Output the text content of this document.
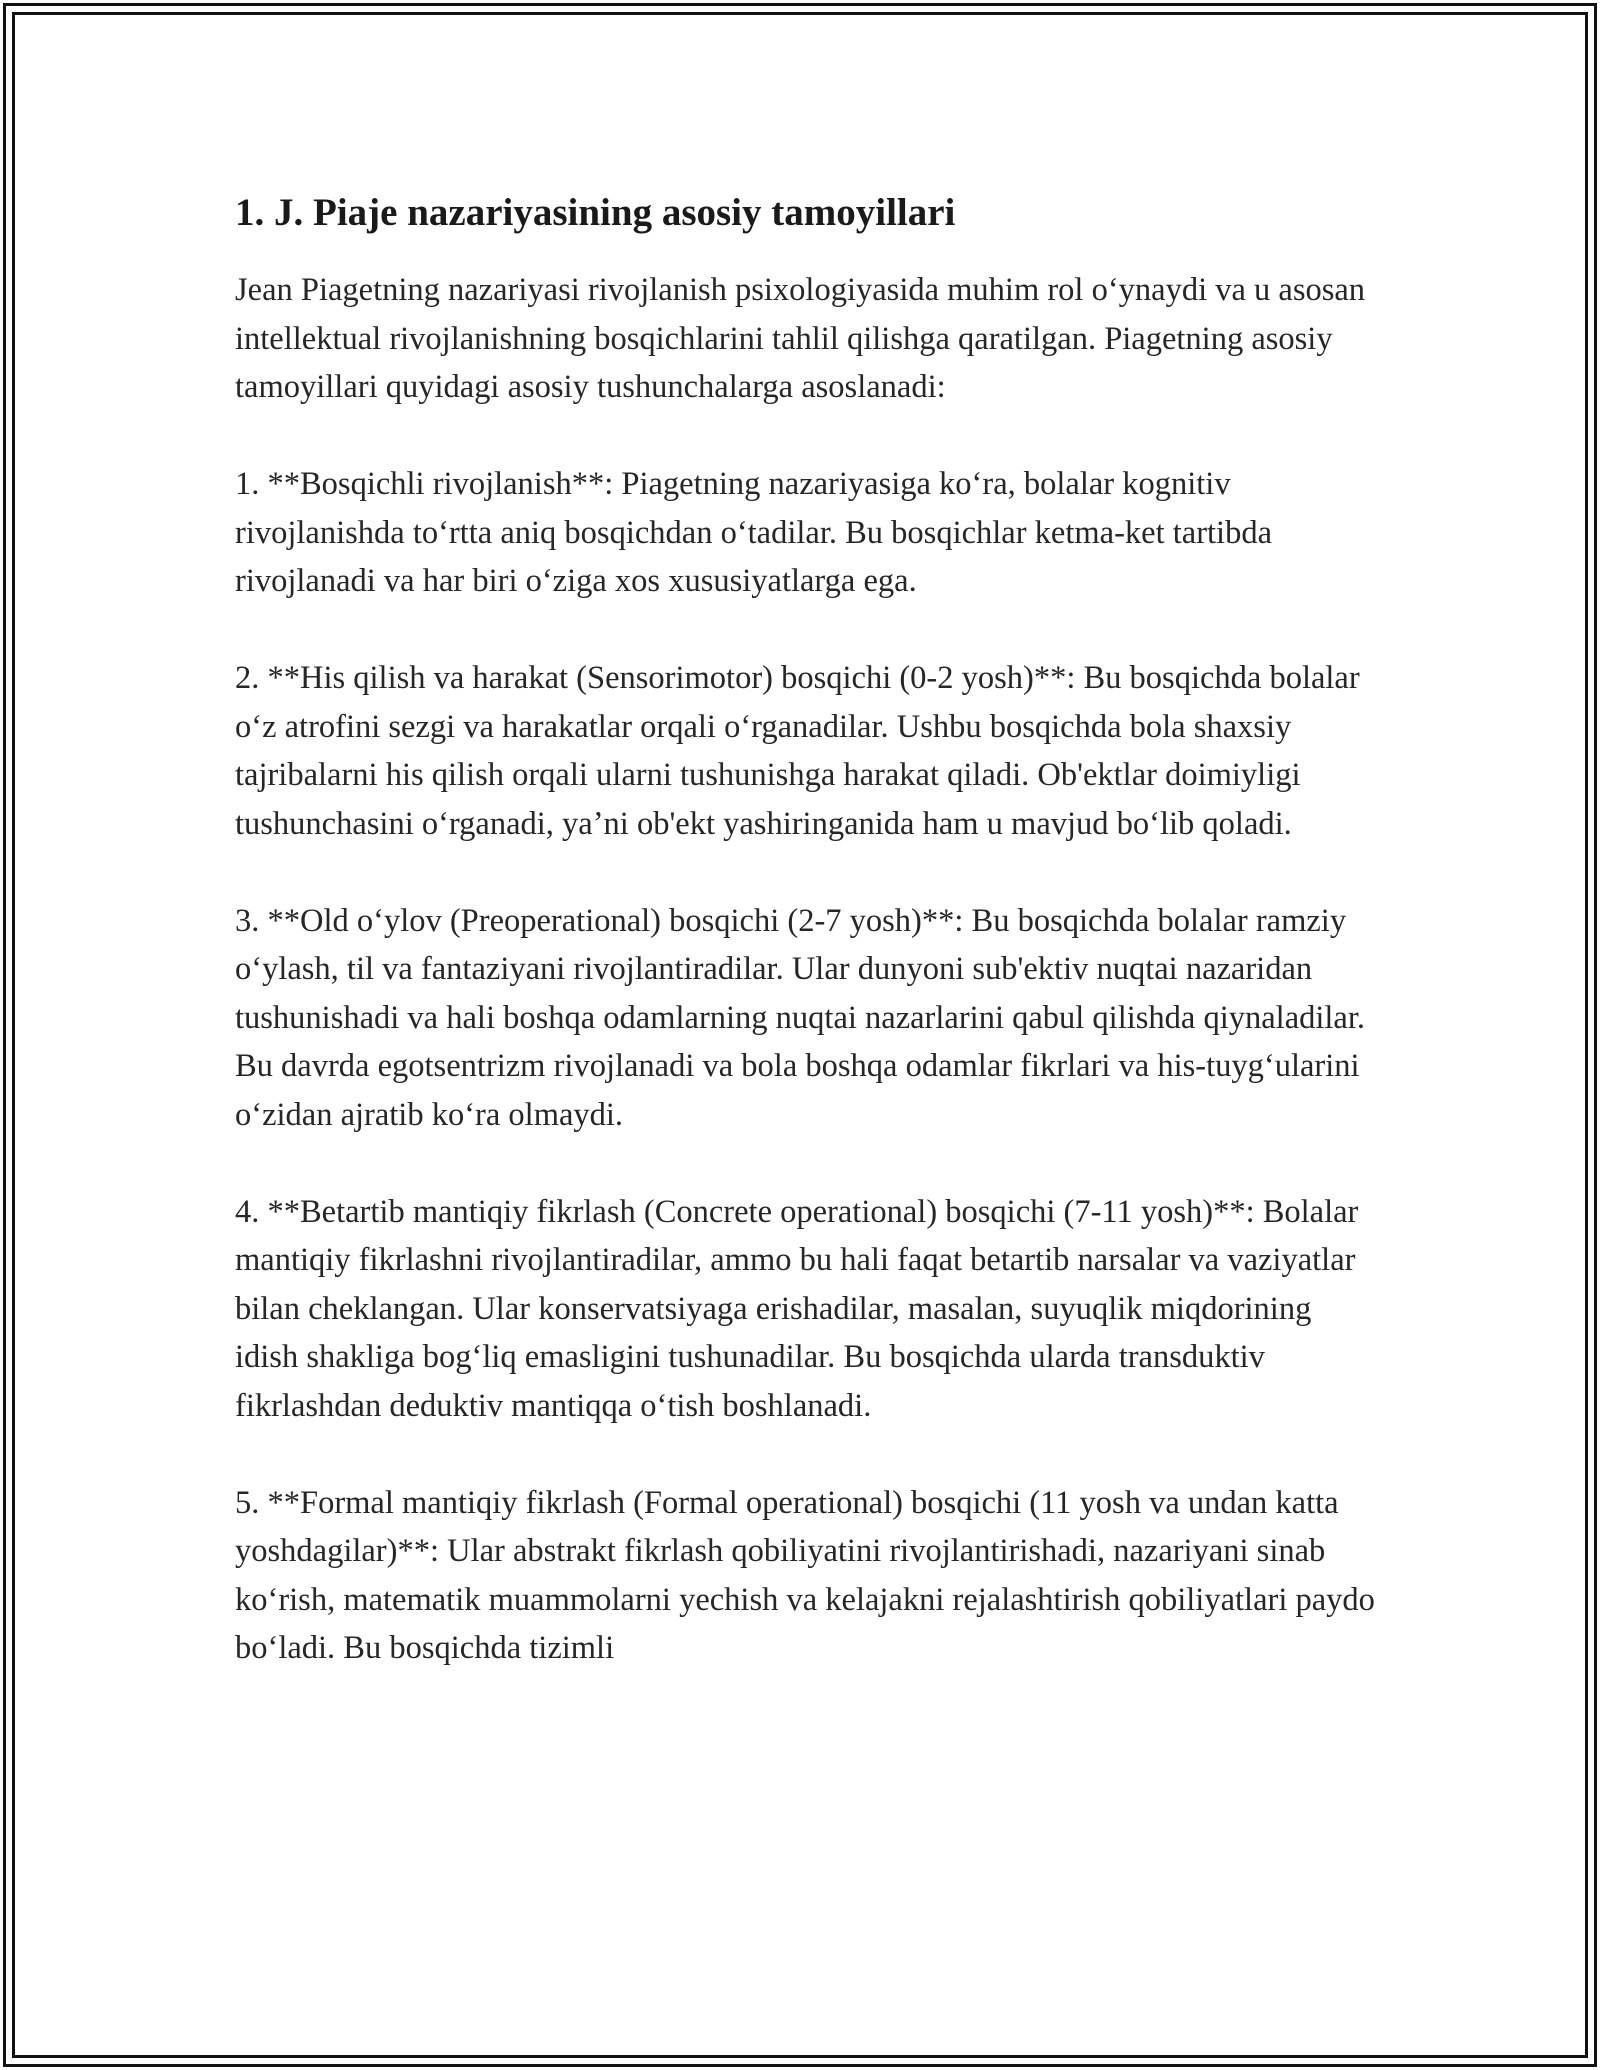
1. J. Piaje nazariyasining asosiy tamoyillari

Jean Piagetning nazariyasi rivojlanish psixologiyasida muhim rol oʻynaydi va u asosan intellektual rivojlanishning bosqichlarini tahlil qilishga qaratilgan. Piagetning asosiy tamoyillari quyidagi asosiy tushunchalarga asoslanadi:

1. **Bosqichli rivojlanish**: Piagetning nazariyasiga koʻra, bolalar kognitiv rivojlanishda toʻrtta aniq bosqichdan oʻtadilar. Bu bosqichlar ketma-ket tartibda rivojlanadi va har biri oʻziga xos xususiyatlarga ega.

2. **His qilish va harakat (Sensorimotor) bosqichi (0-2 yosh)**: Bu bosqichda bolalar oʻz atrofini sezgi va harakatlar orqali oʻrganadilar. Ushbu bosqichda bola shaxsiy tajribalarni his qilish orqali ularni tushunishga harakat qiladi. Ob'ektlar doimiyligi tushunchasini oʻrganadi, yaʼni ob'ekt yashiringanida ham u mavjud boʻlib qoladi.

3. **Old oʻylov (Preoperational) bosqichi (2-7 yosh)**: Bu bosqichda bolalar ramziy oʻylash, til va fantaziyani rivojlantiradilar. Ular dunyoni sub'ektiv nuqtai nazaridan tushunishadi va hali boshqa odamlarning nuqtai nazarlarini qabul qilishda qiynaladilar. Bu davrda egotsentrizm rivojlanadi va bola boshqa odamlar fikrlari va his-tuygʻularini oʻzidan ajratib koʻra olmaydi.

4. **Betartib mantiqiy fikrlash (Concrete operational) bosqichi (7-11 yosh)**: Bolalar mantiqiy fikrlashni rivojlantiradilar, ammo bu hali faqat betartib narsalar va vaziyatlar bilan cheklangan. Ular konservatsiyaga erishadilar, masalan, suyuqlik miqdorining idish shakliga bogʻliq emasligini tushunadilar. Bu bosqichda ularda transduktiv fikrlashdan deduktiv mantiqqa oʻtish boshlanadi.

5. **Formal mantiqiy fikrlash (Formal operational) bosqichi (11 yosh va undan katta yoshdagilar)**: Ular abstrakt fikrlash qobiliyatini rivojlantirishadi, nazariyani sinab koʻrish, matematik muammolarni yechish va kelajakni rejalashtirish qobiliyatlari paydo boʻladi. Bu bosqichda tizimli
